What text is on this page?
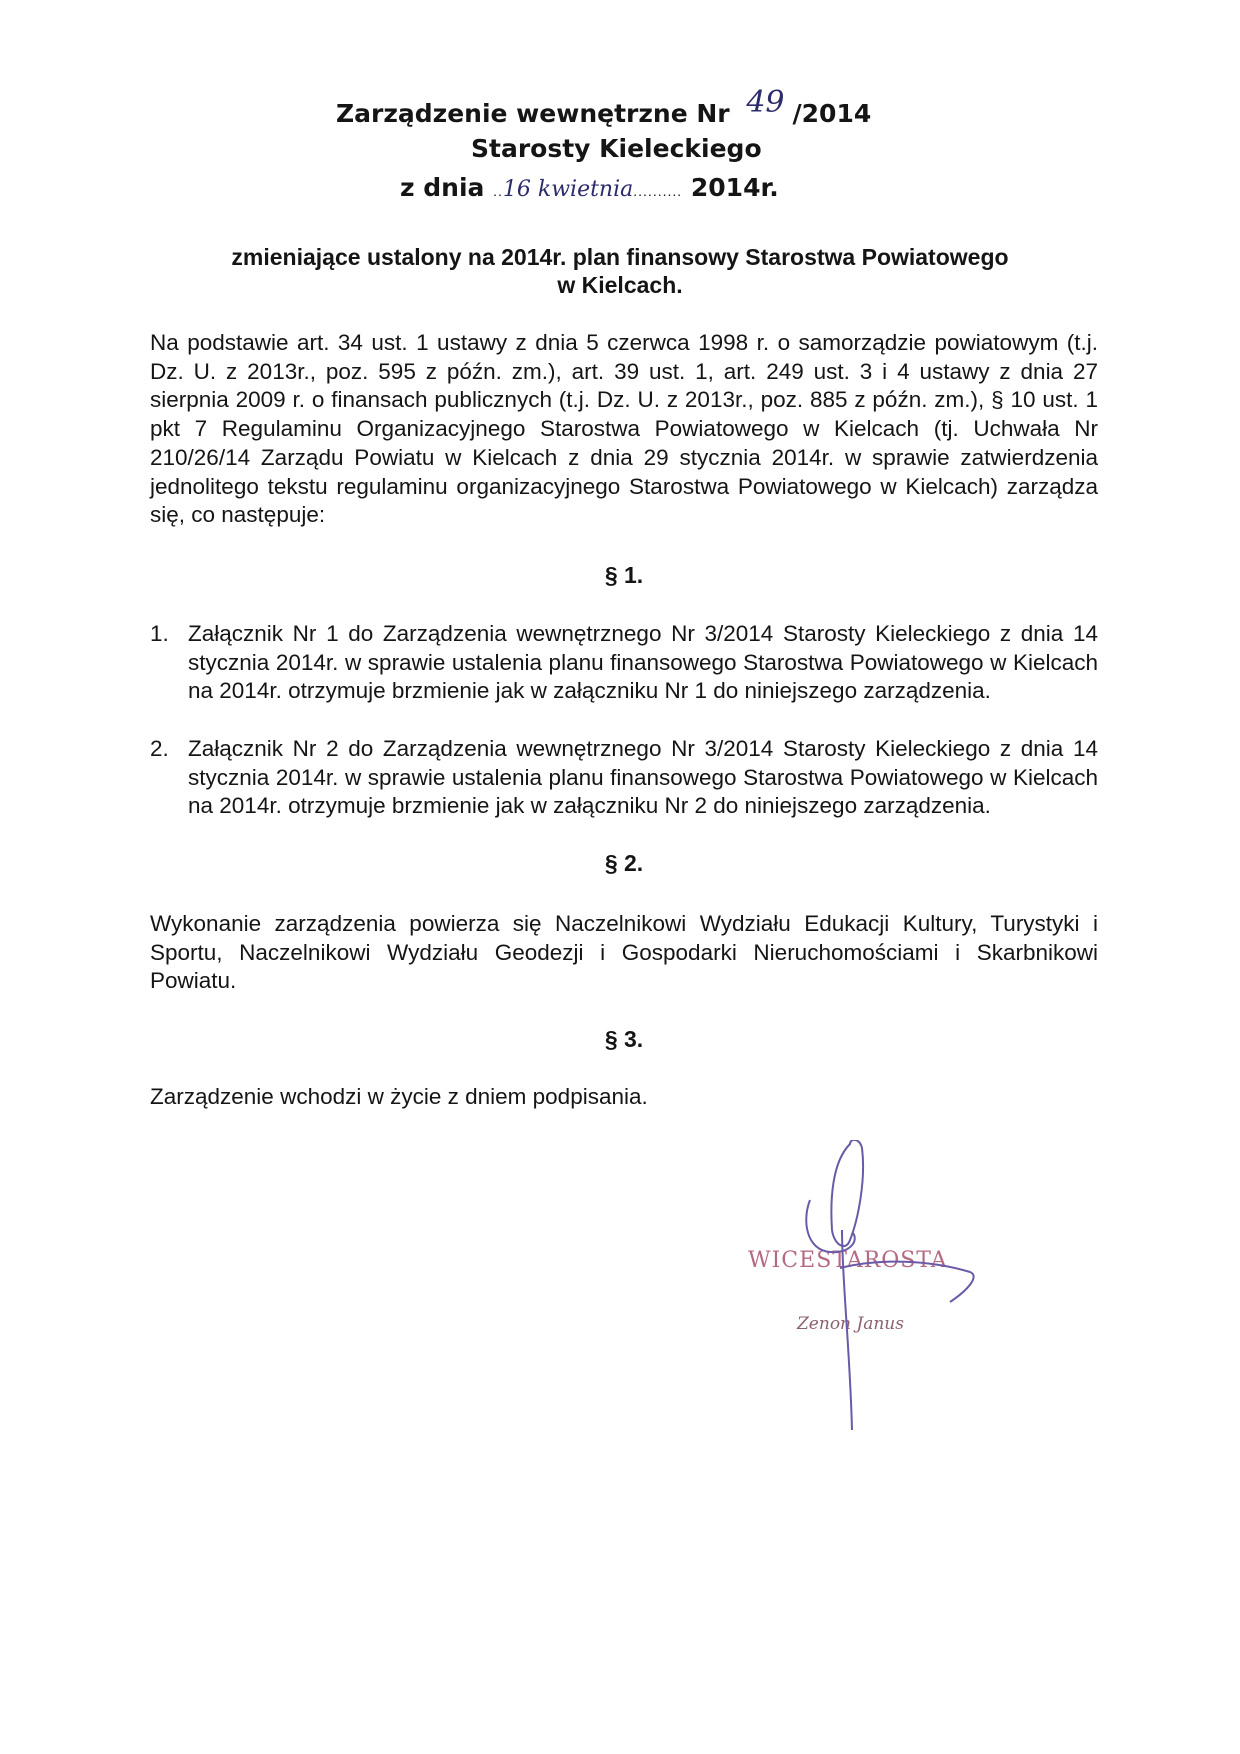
Zarządzenie wewnętrzne Nr 49 /2014
Starosty Kieleckiego
z dnia ..16 kwietnia.......... 2014r.
zmieniające ustalony na 2014r. plan finansowy Starostwa Powiatowego
w Kielcach.
Na podstawie art. 34 ust. 1 ustawy z dnia 5 czerwca 1998 r. o samorządzie powiatowym (t.j. Dz. U. z 2013r., poz. 595 z późn. zm.), art. 39 ust. 1, art. 249 ust. 3 i 4 ustawy z dnia 27 sierpnia 2009 r. o finansach publicznych (t.j. Dz. U. z 2013r., poz. 885 z późn. zm.), § 10 ust. 1 pkt 7 Regulaminu Organizacyjnego Starostwa Powiatowego w Kielcach (tj. Uchwała Nr 210/26/14 Zarządu Powiatu w Kielcach z dnia 29 stycznia 2014r. w sprawie zatwierdzenia jednolitego tekstu regulaminu organizacyjnego Starostwa Powiatowego w Kielcach) zarządza się, co następuje:
§ 1.
1. Załącznik Nr 1 do Zarządzenia wewnętrznego Nr 3/2014 Starosty Kieleckiego z dnia 14 stycznia 2014r. w sprawie ustalenia planu finansowego Starostwa Powiatowego w Kielcach na 2014r. otrzymuje brzmienie jak w załączniku Nr 1 do niniejszego zarządzenia.
2. Załącznik Nr 2 do Zarządzenia wewnętrznego Nr 3/2014 Starosty Kieleckiego z dnia 14 stycznia 2014r. w sprawie ustalenia planu finansowego Starostwa Powiatowego w Kielcach na 2014r. otrzymuje brzmienie jak w załączniku Nr 2 do niniejszego zarządzenia.
§ 2.
Wykonanie zarządzenia powierza się Naczelnikowi Wydziału Edukacji Kultury, Turystyki i Sportu, Naczelnikowi Wydziału Geodezji i Gospodarki Nieruchomościami i Skarbnikowi Powiatu.
§ 3.
Zarządzenie wchodzi w życie z dniem podpisania.
WICESTAROSTA
Zenon Janus
